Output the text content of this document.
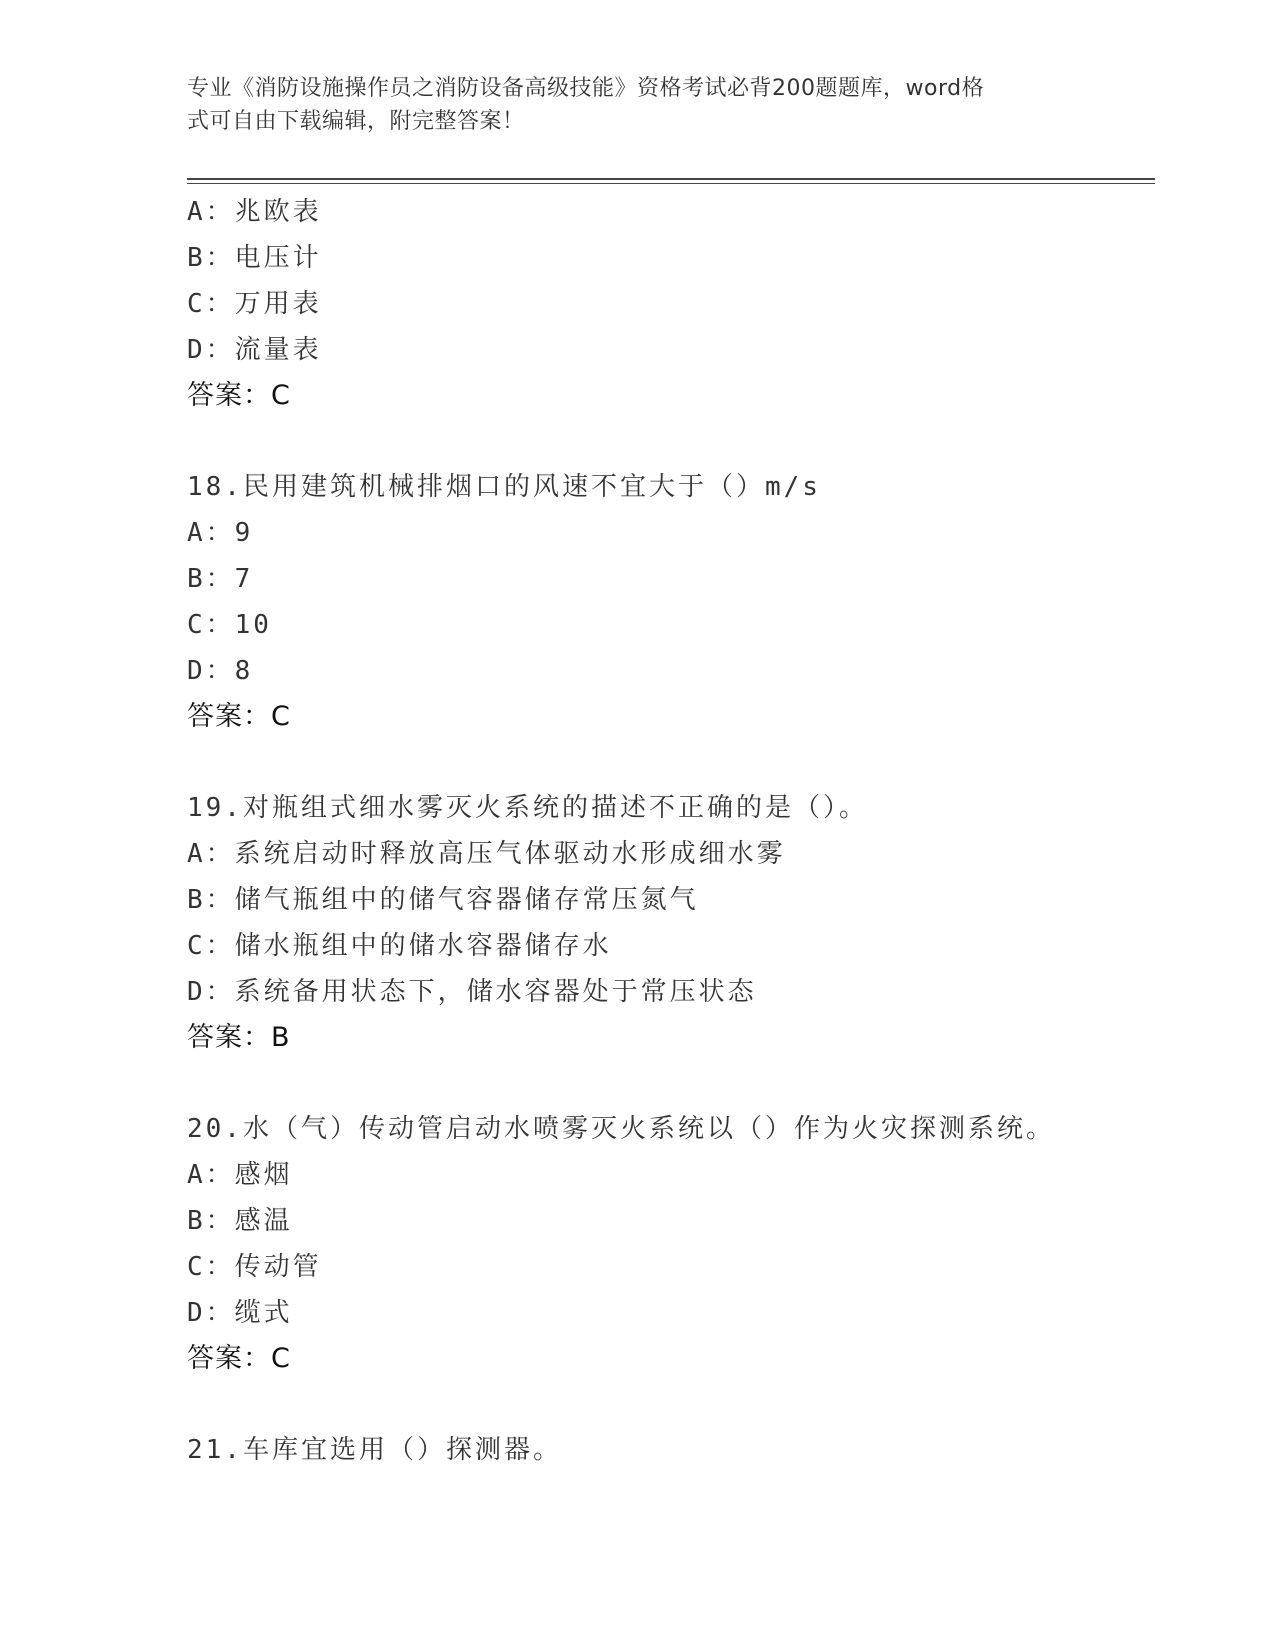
专业《消防设施操作员之消防设备高级技能》资格考试必背200题题库，word格
式可自由下载编辑，附完整答案！
A：兆欧表
B：电压计
C：万用表
D：流量表
答案：C
18.民用建筑机械排烟口的风速不宜大于（）m/s
A：9
B：7
C：10
D：8
答案：C
19.对瓶组式细水雾灭火系统的描述不正确的是（）。
A：系统启动时释放高压气体驱动水形成细水雾
B：储气瓶组中的储气容器储存常压氮气
C：储水瓶组中的储水容器储存水
D：系统备用状态下，储水容器处于常压状态
答案：B
20.水（气）传动管启动水喷雾灭火系统以（）作为火灾探测系统。
A：感烟
B：感温
C：传动管
D：缆式
答案：C
21.车库宜选用（）探测器。
